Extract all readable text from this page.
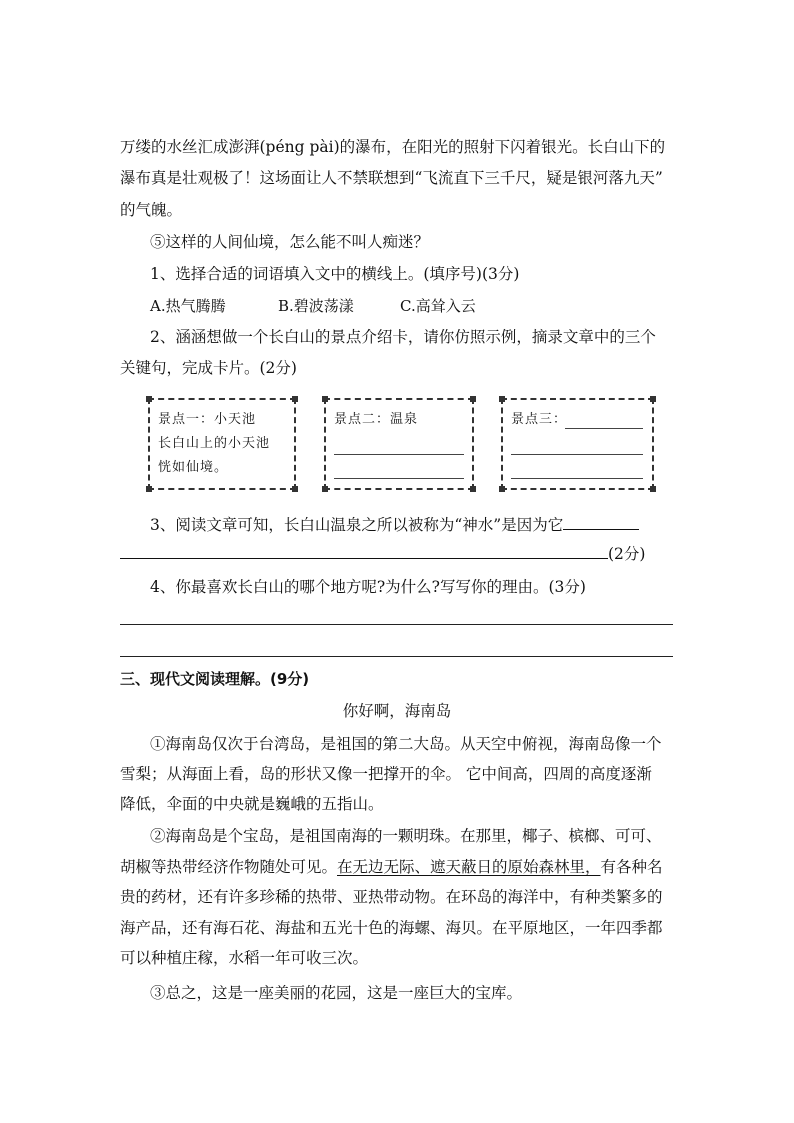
万缕的水丝汇成澎湃(péng pài)的瀑布，在阳光的照射下闪着银光。长白山下的
瀑布真是壮观极了！这场面让人不禁联想到“飞流直下三千尺，疑是银河落九天”
的气魄。
⑤这样的人间仙境，怎么能不叫人痴迷？
1、选择合适的词语填入文中的横线上。(填序号)(3分)
A.热气腾腾	B.碧波荡漾	C.高耸入云
2、涵涵想做一个长白山的景点介绍卡，请你仿照示例，摘录文章中的三个
关键句，完成卡片。(2分)
景点一：小天池
长白山上的小天池
恍如仙境。
景点二：温泉	景点三：
3、阅读文章可知，长白山温泉之所以被称为“神水”是因为它
(2分)
4、你最喜欢长白山的哪个地方呢?为什么?写写你的理由。(3分)
三、现代文阅读理解。(9分)
你好啊，海南岛
①海南岛仅次于台湾岛，是祖国的第二大岛。从天空中俯视，海南岛像一个
雪梨；从海面上看，岛的形状又像一把撑开的伞。 它中间高，四周的高度逐渐
降低，伞面的中央就是巍峨的五指山。
②海南岛是个宝岛，是祖国南海的一颗明珠。在那里，椰子、槟榔、可可、
胡椒等热带经济作物随处可见。在无边无际、遮天蔽日的原始森林里，有各种名
贵的药材，还有许多珍稀的热带、亚热带动物。在环岛的海洋中，有种类繁多的
海产品，还有海石花、海盐和五光十色的海螺、海贝。在平原地区，一年四季都
可以种植庄稼，水稻一年可收三次。
③总之，这是一座美丽的花园，这是一座巨大的宝库。
